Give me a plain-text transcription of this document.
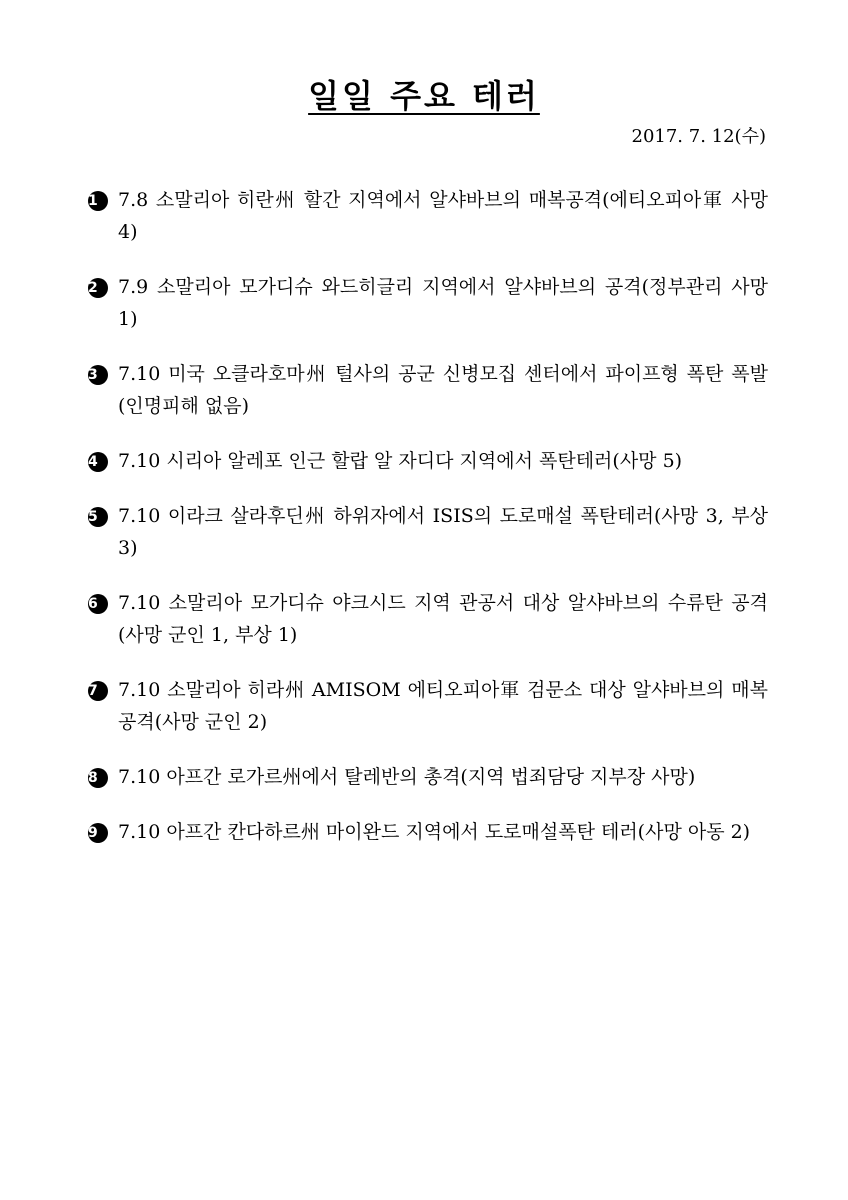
일일 주요 테러
2017. 7. 12(수)
1	7.8 소말리아 히란州 할간 지역에서 알샤바브의 매복공격(에티오피아軍 사망 4)
2	7.9 소말리아 모가디슈 와드히글리 지역에서 알샤바브의 공격(정부관리 사망 1)
3	7.10 미국 오클라호마州 털사의 공군 신병모집 센터에서 파이프형 폭탄 폭발(인명피해 없음)
4	7.10 시리아 알레포 인근 할랍 알 자디다 지역에서 폭탄테러(사망 5)
5	7.10 이라크 살라후딘州 하위자에서 ISIS의 도로매설 폭탄테러(사망 3, 부상 3)
6	7.10 소말리아 모가디슈 야크시드 지역 관공서 대상 알샤바브의 수류탄 공격(사망 군인 1, 부상 1)
7	7.10 소말리아 히라州 AMISOM 에티오피아軍 검문소 대상 알샤바브의 매복 공격(사망 군인 2)
8	7.10 아프간 로가르州에서 탈레반의 총격(지역 법죄담당 지부장 사망)
9	7.10 아프간 칸다하르州 마이완드 지역에서 도로매설폭탄 테러(사망 아동 2)
